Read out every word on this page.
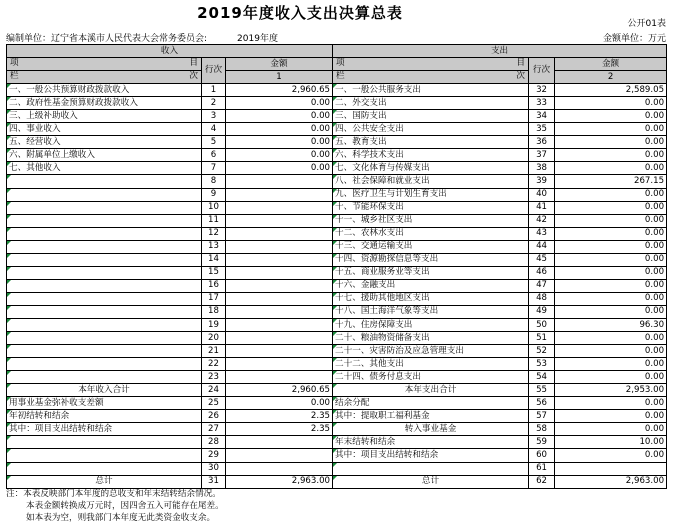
2019年度收入支出决算总表
公开01表
编制单位：辽宁省本溪市人民代表大会常务委员会:	2019年度	金额单位：万元
收入			支出		

项 目	行次	金额	项 目	行次	金额

栏 次		1	栏 次		2
一、一般公共预算财政拨款收入	1	2,960.65	一、一般公共服务支出	32	2,589.05
二、政府性基金预算财政拨款收入	2	0.00	二、外交支出	33	0.00
三、上级补助收入	3	0.00	三、国防支出	34	0.00
四、事业收入	4	0.00	四、公共安全支出	35	0.00
五、经营收入	5	0.00	五、教育支出	36	0.00
六、附属单位上缴收入	6	0.00	六、科学技术支出	37	0.00
七、其他收入	7	0.00	七、文化体育与传媒支出	38	0.00
	8		八、社会保障和就业支出	39	267.15
	9		九、医疗卫生与计划生育支出	40	0.00
	10		十、节能环保支出	41	0.00
	11		十一、城乡社区支出	42	0.00
	12		十二、农林水支出	43	0.00
	13		十三、交通运输支出	44	0.00
	14		十四、资源勘探信息等支出	45	0.00
	15		十五、商业服务业等支出	46	0.00
	16		十六、金融支出	47	0.00
	17		十七、援助其他地区支出	48	0.00
	18		十八、国土海洋气象等支出	49	0.00
	19		十九、住房保障支出	50	96.30
	20		二十、粮油物资储备支出	51	0.00
	21		二十一、灾害防治及应急管理支出	52	0.00
	22		二十二、其他支出	53	0.00
	23		二十四、债务付息支出	54	0.00
本年收入合计	24	2,960.65	本年支出合计	55	2,953.00
用事业基金弥补收支差额	25	0.00	结余分配	56	0.00
年初结转和结余	26	2.35	其中：提取职工福利基金	57	0.00
其中：项目支出结转和结余	27	2.35	转入事业基金	58	0.00
	28		年末结转和结余	59	10.00
	29		其中：项目支出结转和结余	60	0.00
	30			61	
总计	31	2,963.00	总计	62	2,963.00
注：本表反映部门本年度的总收支和年末结转结余情况。
本表金额转换成万元时，因四舍五入可能存在尾差。
如本表为空，则我部门本年度无此类资金收支余。
